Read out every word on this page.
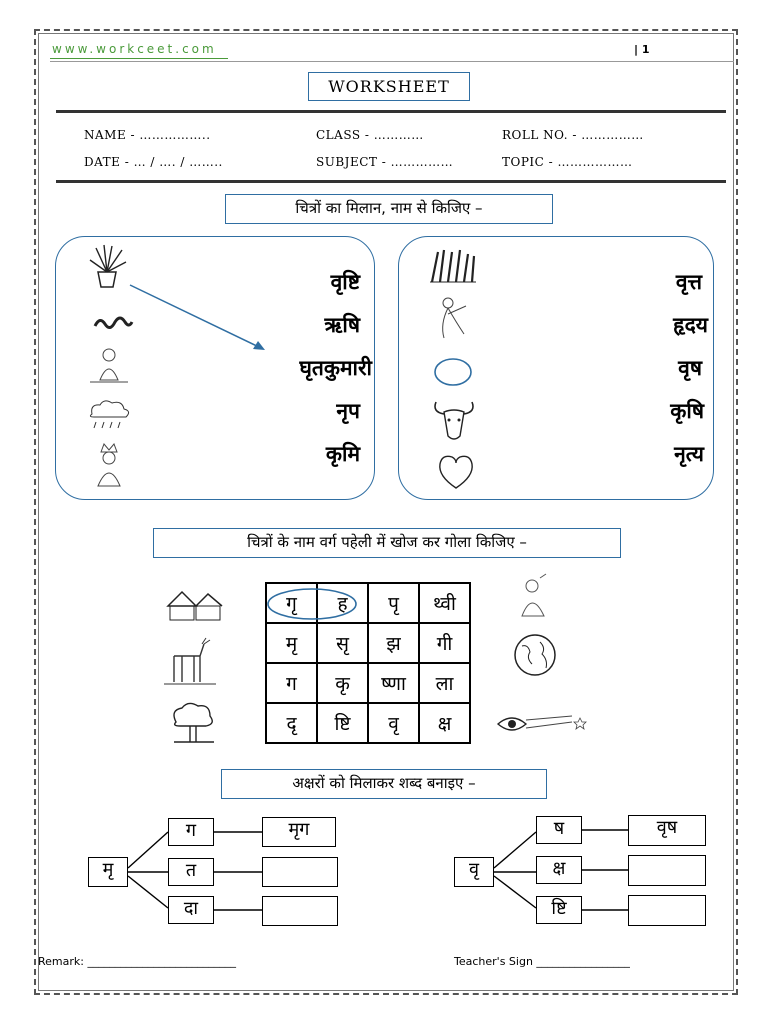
www.workceet.com	| 1
WORKSHEET
NAME - ……………..	CLASS - …………	ROLL NO. - ……………
DATE - … / …. / ……..	SUBJECT - ……………	TOPIC - ………………
चित्रों का मिलान, नाम से किजिए –
वृष्टि
ऋषि
घृतकुमारी
नृप
कृमि
वृत्त
हृदय
वृष
कृषि
नृत्य
चित्रों के नाम वर्ग पहेली में खोज कर गोला किजिए –
गृ	ह	पृ	थ्वी
मृ	सृ	झ	गी
ग	कृ	ष्णा	ला
दृ	ष्टि	वृ	क्ष
अक्षरों को मिलाकर शब्द बनाइए –
मृ
ग
त
दा
मृग
वृ
ष
क्ष
ष्टि
वृष
Remark: ___________________________	Teacher's Sign _________________
